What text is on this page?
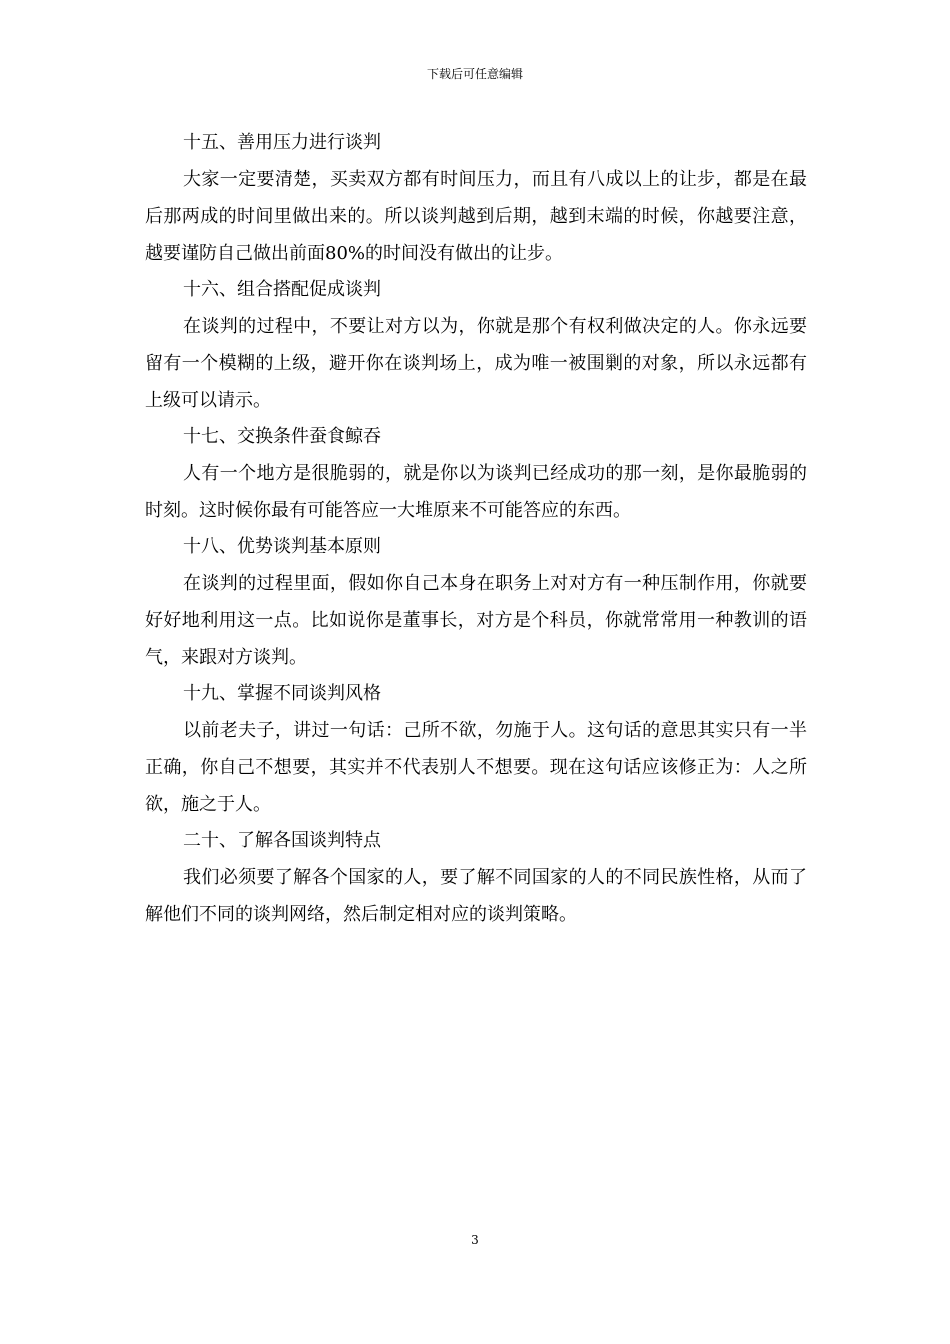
下载后可任意编辑

十五、善用压力进行谈判

大家一定要清楚，买卖双方都有时间压力，而且有八成以上的让步，都是在最后那两成的时间里做出来的。所以谈判越到后期，越到末端的时候，你越要注意，越要谨防自己做出前面80%的时间没有做出的让步。

十六、组合搭配促成谈判

在谈判的过程中，不要让对方以为，你就是那个有权利做决定的人。你永远要留有一个模糊的上级，避开你在谈判场上，成为唯一被围剿的对象，所以永远都有上级可以请示。

十七、交换条件蚕食鲸吞

人有一个地方是很脆弱的，就是你以为谈判已经成功的那一刻，是你最脆弱的时刻。这时候你最有可能答应一大堆原来不可能答应的东西。

十八、优势谈判基本原则

在谈判的过程里面，假如你自己本身在职务上对对方有一种压制作用，你就要好好地利用这一点。比如说你是董事长，对方是个科员，你就常常用一种教训的语气，来跟对方谈判。

十九、掌握不同谈判风格

以前老夫子，讲过一句话：己所不欲，勿施于人。这句话的意思其实只有一半正确，你自己不想要，其实并不代表别人不想要。现在这句话应该修正为：人之所欲，施之于人。

二十、了解各国谈判特点

我们必须要了解各个国家的人，要了解不同国家的人的不同民族性格，从而了解他们不同的谈判网络，然后制定相对应的谈判策略。

3
